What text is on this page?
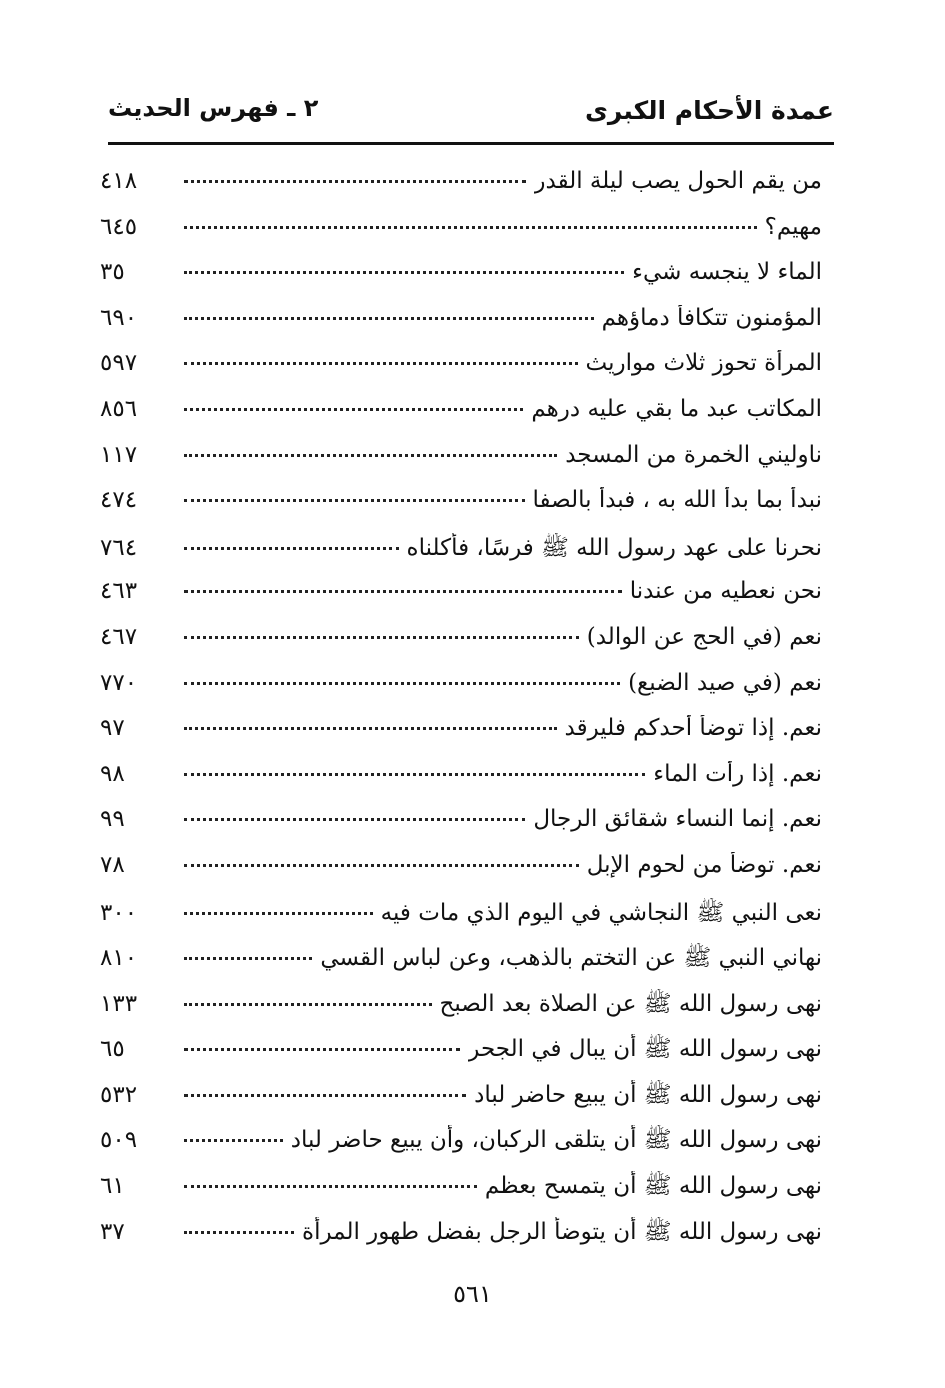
عمدة الأحكام الكبرى
٢ ـ فهرس الحديث
من يقم الحول يصب ليلة القدر
٤١٨
مهيم؟
٦٤٥
الماء لا ينجسه شيء
٣٥
المؤمنون تتكافأ دماؤهم
٦٩٠
المرأة تحوز ثلاث مواريث
٥٩٧
المكاتب عبد ما بقي عليه درهم
٨٥٦
ناوليني الخمرة من المسجد
١١٧
نبدأ بما بدأ الله به ، فبدأ بالصفا
٤٧٤
نحرنا على عهد رسول الله ﷺ فرسًا، فأكلناه
٧٦٤
نحن نعطيه من عندنا
٤٦٣
نعم (في الحج عن الوالد)
٤٦٧
نعم (في صيد الضبع)
٧٧٠
نعم. إذا توضأ أحدكم فليرقد
٩٧
نعم. إذا رأت الماء
٩٨
نعم. إنما النساء شقائق الرجال
٩٩
نعم. توضأ من لحوم الإبل
٧٨
نعى النبي ﷺ النجاشي في اليوم الذي مات فيه
٣٠٠
نهاني النبي ﷺ عن التختم بالذهب، وعن لباس القسي
٨١٠
نهى رسول الله ﷺ عن الصلاة بعد الصبح
١٣٣
نهى رسول الله ﷺ أن يبال في الجحر
٦٥
نهى رسول الله ﷺ أن يبيع حاضر لباد
٥٣٢
نهى رسول الله ﷺ أن يتلقى الركبان، وأن يبيع حاضر لباد
٥٠٩
نهى رسول الله ﷺ أن يتمسح بعظم
٦١
نهى رسول الله ﷺ أن يتوضأ الرجل بفضل طهور المرأة
٣٧
٥٦١
